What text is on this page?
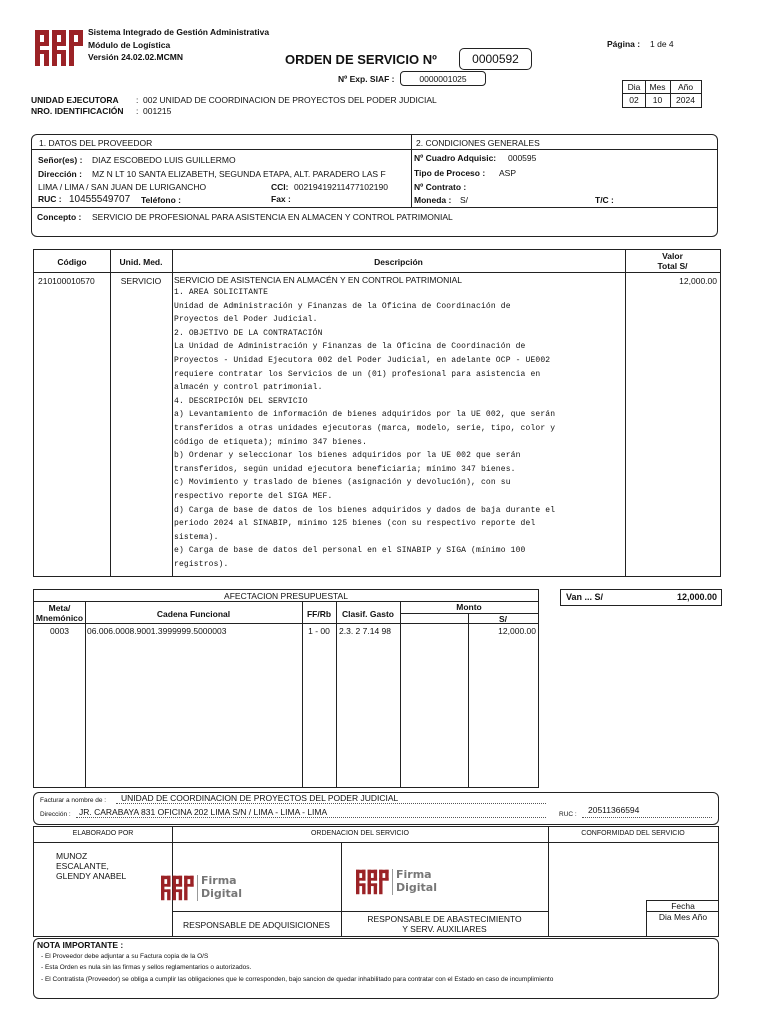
Sistema Integrado de Gestión Administrativa
Módulo de Logística
Versión 24.02.02.MCMN	ORDEN DE SERVICIO Nº	0000592
Página : 1 de 4
Nº Exp. SIAF :	0000001025
Dia	Mes	Año
02	10	2024
UNIDAD EJECUTORA : 002 UNIDAD DE COORDINACION DE PROYECTOS DEL PODER JUDICIAL
NRO. IDENTIFICACIÓN : 001215
1. DATOS DEL PROVEEDOR	2. CONDICIONES GENERALES
Señor(es) : DIAZ ESCOBEDO LUIS GUILLERMO
Dirección : MZ N LT 10 SANTA ELIZABETH, SEGUNDA ETAPA, ALT. PARADERO LAS F
LIMA / LIMA / SAN JUAN DE LURIGANCHO	CCI: 00219419211477102190
RUC : 10455549707 Teléfono :	Fax :
Nº Cuadro Adquisic: 000595
Tipo de Proceso : ASP
Nº Contrato :
Moneda : S/	T/C :
Concepto : SERVICIO DE PROFESIONAL PARA ASISTENCIA EN ALMACEN Y CONTROL PATRIMONIAL
Código	Unid. Med.	Descripción
Valor
Total S/
210100010570	SERVICIO	SERVICIO DE ASISTENCIA EN ALMACÉN Y EN CONTROL PATRIMONIAL	12,000.00
1. AREA SOLICITANTE
Unidad de Administración y Finanzas de la Oficina de Coordinación de
Proyectos del Poder Judicial.
2. OBJETIVO DE LA CONTRATACIÓN
La Unidad de Administración y Finanzas de la Oficina de Coordinación de
Proyectos - Unidad Ejecutora 002 del Poder Judicial, en adelante OCP - UE002
requiere contratar los Servicios de un (01) profesional para asistencia en
almacén y control patrimonial.
4. DESCRIPCIÓN DEL SERVICIO
a) Levantamiento de información de bienes adquiridos por la UE 002, que serán
transferidos a otras unidades ejecutoras (marca, modelo, serie, tipo, color y
código de etiqueta); mínimo 347 bienes.
b) Ordenar y seleccionar los bienes adquiridos por la UE 002 que serán
transferidos, según unidad ejecutora beneficiaria; mínimo 347 bienes.
c) Movimiento y traslado de bienes (asignación y devolución), con su
respectivo reporte del SIGA MEF.
d) Carga de base de datos de los bienes adquiridos y dados de baja durante el
periodo 2024 al SINABIP, mínimo 125 bienes (con su respectivo reporte del
sistema).
e) Carga de base de datos del personal en el SINABIP y SIGA (mínimo 100
registros).
AFECTACION PRESUPUESTAL
Meta/
Mnemónico	Cadena Funcional	FF/Rb	Clasif. Gasto
Monto
S/
0003	06.006.0008.9001.3999999.5000003	1 - 00	2.3. 2 7.14 98	12,000.00
Van ... S/	12,000.00
Facturar a nombre de : UNIDAD DE COORDINACION DE PROYECTOS DEL PODER JUDICIAL
Dirección : JR. CARABAYA 831 OFICINA 202 LIMA S/N / LIMA - LIMA - LIMA	RUC : 20511366594
ELABORADO POR	ORDENACION DEL SERVICIO	CONFORMIDAD DEL SERVICIO
MUNOZ
ESCALANTE,
GLENDY ANABEL	Firma
Digital
Firma
Digital
RESPONSABLE DE ADQUISICIONES
RESPONSABLE DE ABASTECIMIENTO
Y SERV. AUXILIARES
Fecha
Dia Mes Año
NOTA IMPORTANTE :
- El Proveedor debe adjuntar a su Factura copia de la O/S
- Esta Orden es nula sin las firmas y sellos reglamentarios o autorizados.
- El Contratista (Proveedor) se obliga a cumplir las obligaciones que le corresponden, bajo sancion de quedar inhabilitado para contratar con el Estado en caso de incumplimiento
